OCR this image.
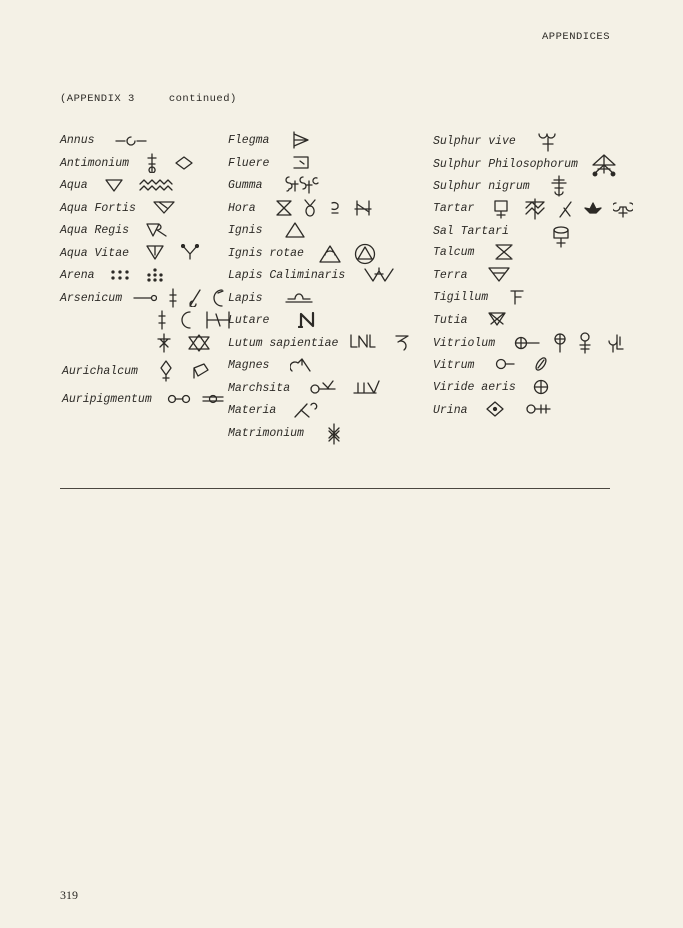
APPENDICES
(APPENDIX 3     continued)
Annus
Antimonium
Aqua
Aqua Fortis
Aqua Regis
Aqua Vitae
Arena
Arsenicum

Aurichalcum
Auripigmentum
Flegma
Fluere
Gumma
Hora
Ignis
Ignis rotae
Lapis Caliminaris
Lapis
Lutare
Lutum sapientiae
Magnes
Marchsita
Materia
Matrimonium
Sulphur vive
Sulphur Philosophorum
Sulphur nigrum
Tartar
Sal Tartari
Talcum
Terra
Tigillum
Tutia
Vitriolum
Vitrum
Viride aeris
Urina
319
